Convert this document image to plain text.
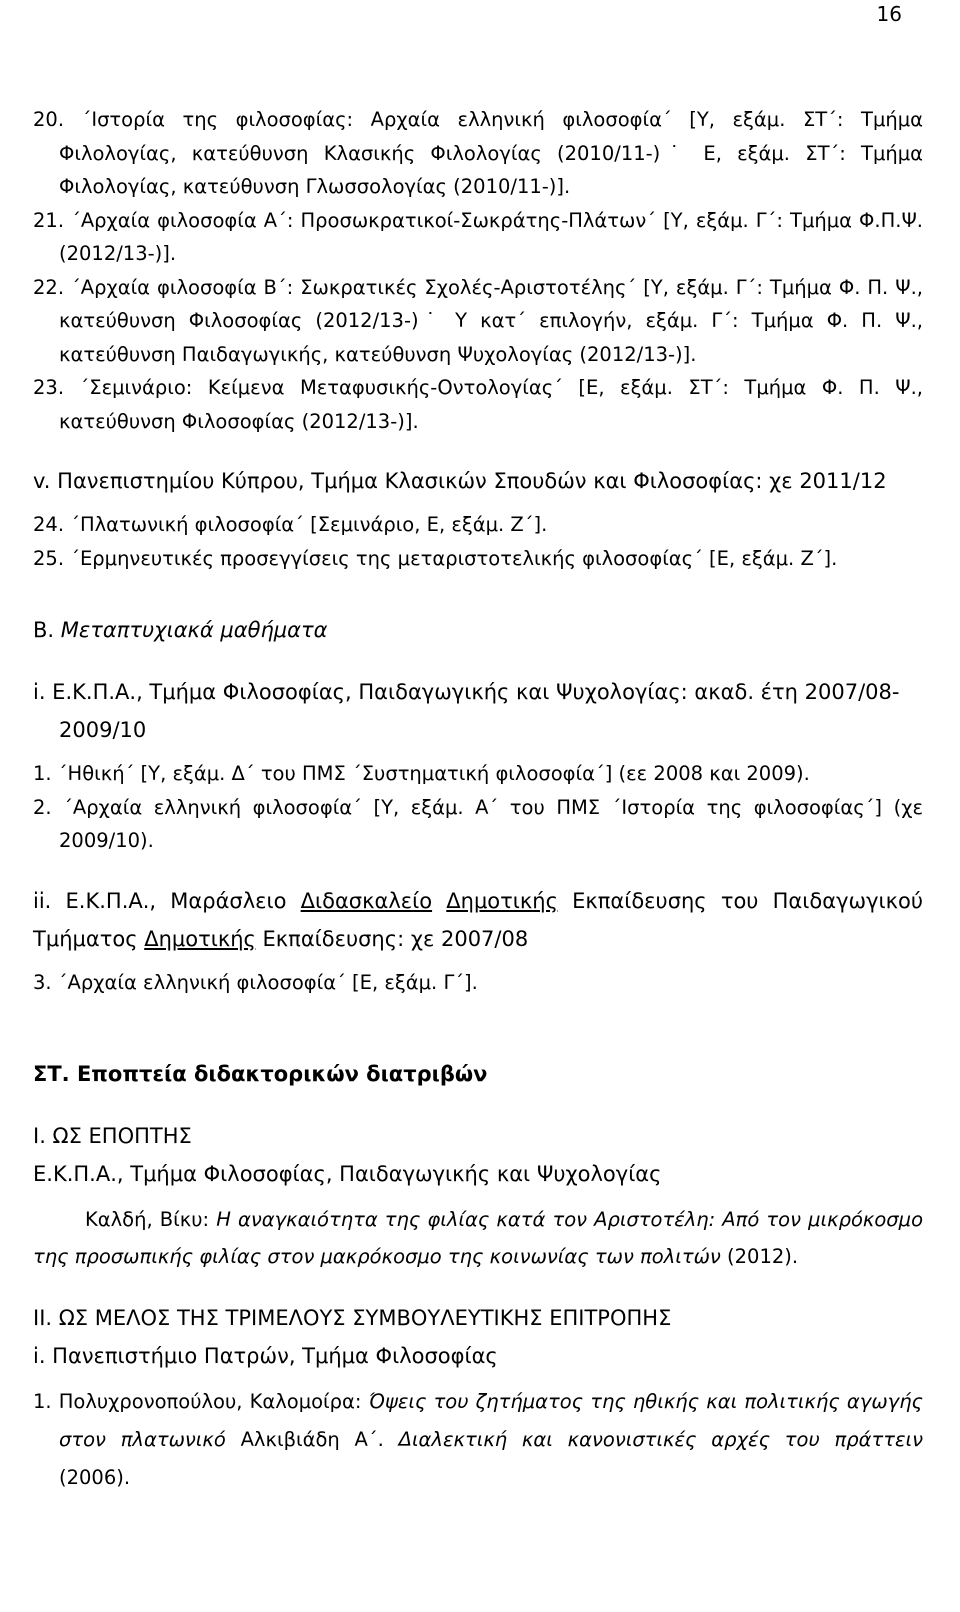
16

20. ΄Ιστορία της φιλοσοφίας: Αρχαία ελληνική φιλοσοφία΄ [Υ, εξάμ. ΣΤ΄: Τμήμα Φιλολογίας, κατεύθυνση Κλασικής Φιλολογίας (2010/11-)˙ Ε, εξάμ. ΣΤ΄: Τμήμα Φιλολογίας, κατεύθυνση Γλωσσολογίας (2010/11-)].

21. ΄Αρχαία φιλοσοφία Α΄: Προσωκρατικοί-Σωκράτης-Πλάτων΄ [Υ, εξάμ. Γ΄: Τμήμα Φ.Π.Ψ. (2012/13-)].

22. ΄Αρχαία φιλοσοφία Β΄: Σωκρατικές Σχολές-Αριστοτέλης΄ [Υ, εξάμ. Γ΄: Τμήμα Φ. Π. Ψ., κατεύθυνση Φιλοσοφίας (2012/13-)˙ Υ κατ΄ επιλογήν, εξάμ. Γ΄: Τμήμα Φ. Π. Ψ., κατεύθυνση Παιδαγωγικής, κατεύθυνση Ψυχολογίας (2012/13-)].

23. ΄Σεμινάριο: Κείμενα Μεταφυσικής-Οντολογίας΄ [Ε, εξάμ. ΣΤ΄: Τμήμα Φ. Π. Ψ., κατεύθυνση Φιλοσοφίας (2012/13-)].

v. Πανεπιστημίου Κύπρου, Τμήμα Κλασικών Σπουδών και Φιλοσοφίας: χε 2011/12

24. ΄Πλατωνική φιλοσοφία΄ [Σεμινάριο, Ε, εξάμ. Ζ΄].

25. ΄Ερμηνευτικές προσεγγίσεις της μεταριστοτελικής φιλοσοφίας΄ [Ε, εξάμ. Ζ΄].

Β. Μεταπτυχιακά μαθήματα

i. Ε.Κ.Π.Α., Τμήμα Φιλοσοφίας, Παιδαγωγικής και Ψυχολογίας: ακαδ. έτη 2007/08-2009/10

1. ΄Ηθική΄ [Υ, εξάμ. Δ΄ του ΠΜΣ ΄Συστηματική φιλοσοφία΄] (εε 2008 και 2009).

2. ΄Αρχαία ελληνική φιλοσοφία΄ [Υ, εξάμ. Α΄ του ΠΜΣ ΄Ιστορία της φιλοσοφίας΄] (χε 2009/10).

ii. Ε.Κ.Π.Α., Μαράσλειο Διδασκαλείο Δημοτικής Εκπαίδευσης του Παιδαγωγικού Τμήματος Δημοτικής Εκπαίδευσης: χε 2007/08

3. ΄Αρχαία ελληνική φιλοσοφία΄ [Ε, εξάμ. Γ΄].

ΣΤ. Εποπτεία διδακτορικών διατριβών

Ι. ΩΣ ΕΠΟΠΤΗΣ

Ε.Κ.Π.Α., Τμήμα Φιλοσοφίας, Παιδαγωγικής και Ψυχολογίας

Καλδή, Βίκυ: Η αναγκαιότητα της φιλίας κατά τον Αριστοτέλη: Από τον μικρόκοσμο της προσωπικής φιλίας στον μακρόκοσμο της κοινωνίας των πολιτών (2012).

ΙΙ. ΩΣ ΜΕΛΟΣ ΤΗΣ ΤΡΙΜΕΛΟΥΣ ΣΥΜΒΟΥΛΕΥΤΙΚΗΣ ΕΠΙΤΡΟΠΗΣ

i. Πανεπιστήμιο Πατρών, Τμήμα Φιλοσοφίας

1. Πολυχρονοπούλου, Καλομοίρα: Όψεις του ζητήματος της ηθικής και πολιτικής αγωγής στον πλατωνικό Αλκιβιάδη Α΄. Διαλεκτική και κανονιστικές αρχές του πράττειν (2006).
